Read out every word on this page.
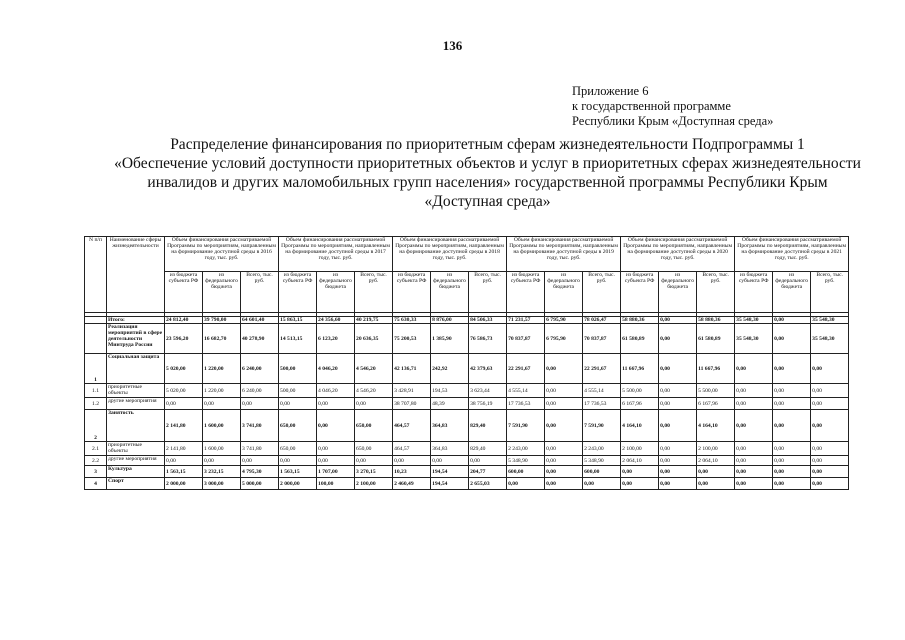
136
Приложение 6
к государственной программе
Республики Крым «Доступная среда»
Распределение финансирования по приоритетным сферам жизнедеятельности Подпрограммы 1
«Обеспечение условий доступности приоритетных объектов и услуг в приоритетных сферах жизнедеятельности
инвалидов и других маломобильных групп населения» государственной программы Республики Крым
«Доступная среда»
N п/п	Наименование сферы жизнедеятельности	Объем финансирования рассматриваемой Программы по мероприятиям, направленным на формирование доступной среды в 2016 году, тыс. руб.			Объем финансирования рассматриваемой Программы по мероприятиям, направленным на формирование доступной среды в 2017 году, тыс. руб.			Объем финансирования рассматриваемой Программы по мероприятиям, направленным на формирование доступной среды в 2018 году, тыс. руб.			Объем финансирования рассматриваемой Программы по мероприятиям, направленным на формирование доступной среды в 2019 году, тыс. руб.			Объем финансирования рассматриваемой Программы по мероприятиям, направленным на формирование доступной среды в 2020 году, тыс. руб.			Объем финансирования рассматриваемой Программы по мероприятиям, направленным на формирование доступной среды в 2021 году, тыс. руб.		
		из бюджета субъекта РФ	из федерального бюджета	Всего, тыс. руб.	из бюджета субъекта РФ	из федерального бюджета	Всего, тыс. руб.	из бюджета субъекта РФ	из федерального бюджета	Всего, тыс. руб.	из бюджета субъекта РФ	из федерального бюджета	Всего, тыс. руб.	из бюджета субъекта РФ	из федерального бюджета	Всего, тыс. руб.	из бюджета субъекта РФ	из федерального бюджета	Всего, тыс. руб.

	Итого:	24 812,40	39 790,00	64 601,40	15 863,15	24 356,60	40 219,75	75 630,33	8 876,00	84 506,33	71 231,57	6 795,90	78 026,47	58 880,36	0,00	58 880,36	35 548,30	0,00	35 548,30
	Реализация мероприятий в сфере деятельности Минтруда России	23 596,20	16 682,70	40 278,90	14 513,15	6 123,20	20 636,35	75 200,53	1 385,90	76 586,73	70 837,87	6 795,90	70 837,87	61 580,89	0,00	61 580,89	35 548,30	0,00	35 548,30
1	Социальная защита	5 020,00	1 220,00	6 240,00	500,00	4 046,20	4 546,20	42 136,71	242,92	42 379,63	22 291,67	0,00	22 291,67	11 667,96	0,00	11 667,96	0,00	0,00	0,00
1.1	приоритетные объекты	5 020,00	1 220,00	6 240,00	500,00	4 046,20	4 546,20	3 428,91	194,53	3 623,44	4 555,14	0,00	4 555,14	5 500,00	0,00	5 500,00	0,00	0,00	0,00
1.2	другие мероприятия	0,00	0,00	0,00	0,00	0,00	0,00	38 707,80	48,39	38 756,19	17 736,53	0,00	17 736,53	6 167,96	0,00	6 167,96	0,00	0,00	0,00
2	Занятость	2 141,80	1 600,00	3 741,80	650,00	0,00	650,00	464,57	364,83	829,40	7 591,90	0,00	7 591,90	4 164,10	0,00	4 164,10	0,00	0,00	0,00
2.1	приоритетные объекты	2 141,80	1 600,00	3 741,80	650,00	0,00	650,00	464,57	364,83	829,40	2 243,00	0,00	2 243,00	2 100,00	0,00	2 100,00	0,00	0,00	0,00
2.2	другие мероприятия	0,00	0,00	0,00	0,00	0,00	0,00	0,00	0,00	0,00	5 348,90	0,00	5 348,90	2 064,10	0,00	2 064,10	0,00	0,00	0,00
3	Культура	1 563,15	3 232,15	4 795,30	1 563,15	1 707,00	3 270,15	10,23	194,54	204,77	600,00	0,00	600,00	0,00	0,00	0,00	0,00	0,00	0,00
4	Спорт	2 000,00	3 000,00	5 000,00	2 000,00	100,00	2 100,00	2 460,49	194,54	2 655,03	0,00	0,00	0,00	0,00	0,00	0,00	0,00	0,00	0,00
